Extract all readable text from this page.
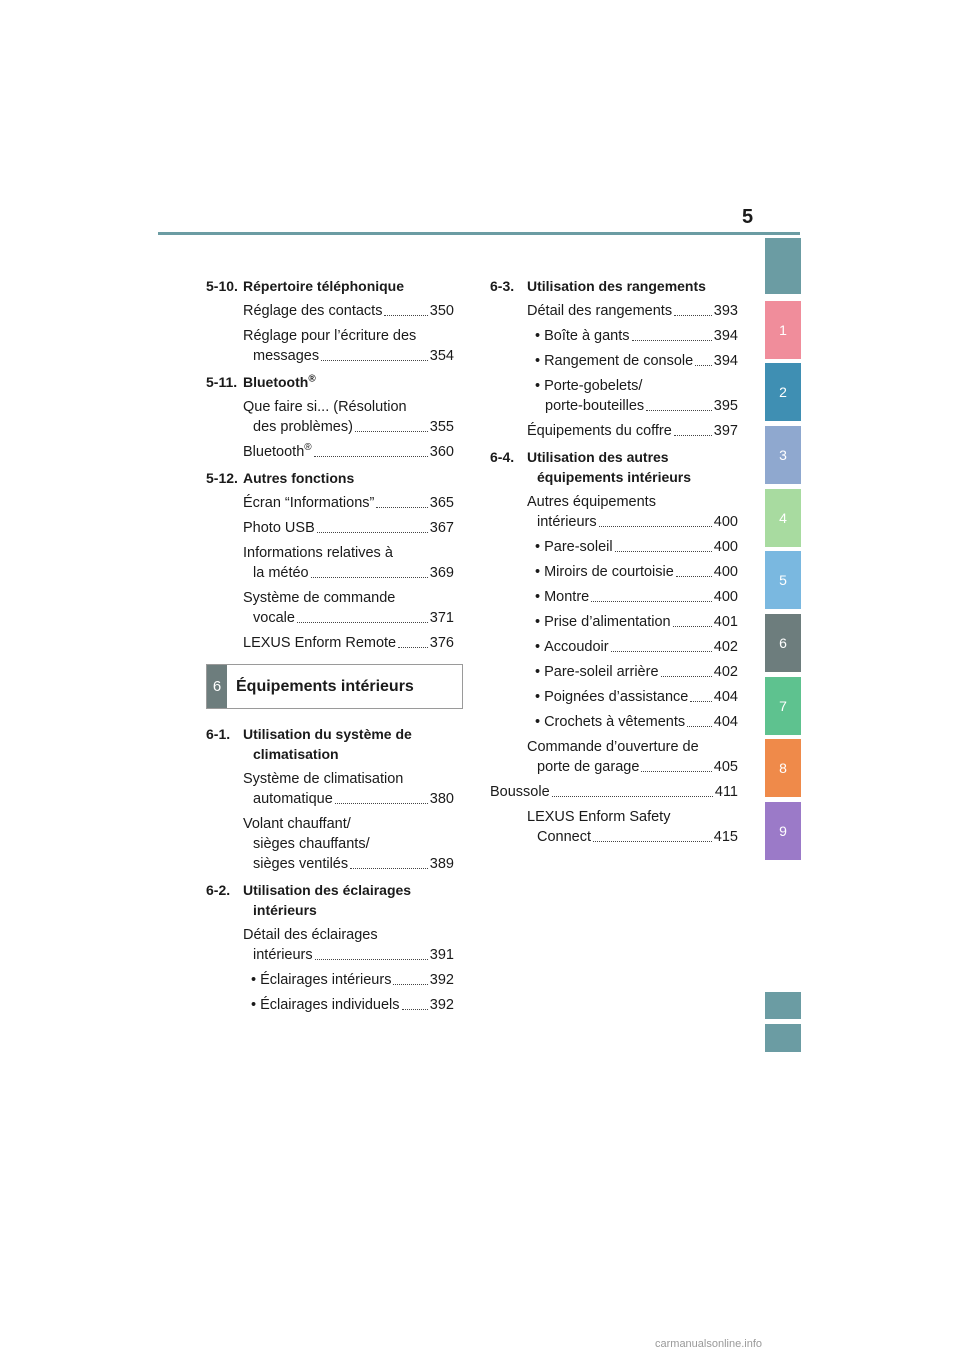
5
1
2
3
4
5
6
7
8
9
5-10. Répertoire téléphonique
Réglage des contacts	350
Réglage pour l’écriture des
messages	354
5-11. Bluetooth®
Que faire si... (Résolution
des problèmes)	355
Bluetooth®	360
5-12. Autres fonctions
Écran “Informations”	365
Photo USB	367
Informations relatives à
la météo	369
Système de commande
vocale	371
LEXUS Enform Remote 376
6 Équipements intérieurs
6-1. Utilisation du système de
climatisation
Système de climatisation
automatique	380
Volant chauffant/
sièges chauffants/
sièges ventilés	389
6-2. Utilisation des éclairages
intérieurs
Détail des éclairages
intérieurs	391
• Éclairages intérieurs	392
• Éclairages individuels 392
6-3. Utilisation des rangements
Détail des rangements	393
• Boîte à gants	394
• Rangement de console 394
• Porte-gobelets/
porte-bouteilles	395
Équipements du coffre	397
6-4. Utilisation des autres
équipements intérieurs
Autres équipements
intérieurs	400
• Pare-soleil	400
• Miroirs de courtoisie	400
• Montre	400
• Prise d’alimentation	401
• Accoudoir	402
• Pare-soleil arrière	402
• Poignées d’assistance 404
• Crochets à vêtements 404
Commande d’ouverture de
porte de garage	405
Boussole	411
LEXUS Enform Safety
Connect	415
carmanualsonline.info
